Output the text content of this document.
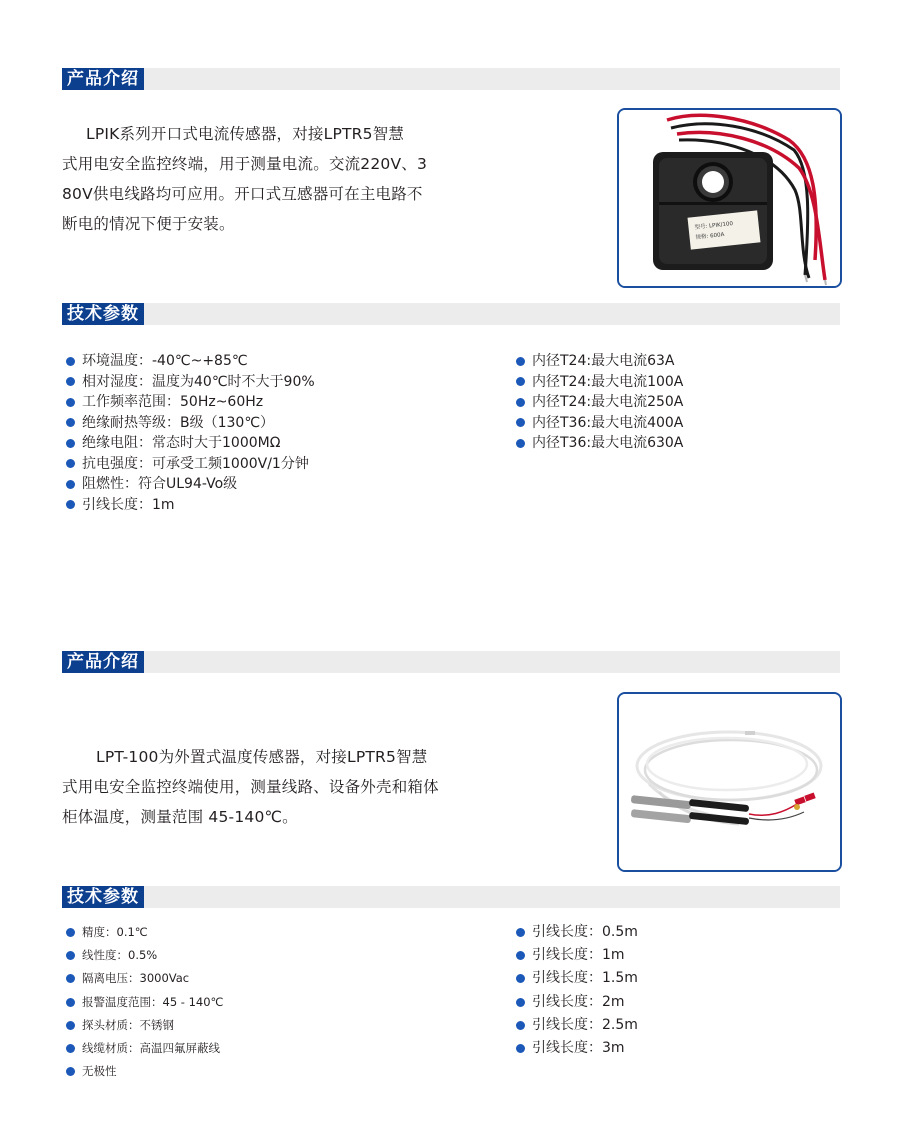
产品介绍
LPIK系列开口式电流传感器，对接LPTR5智慧
式用电安全监控终端，用于测量电流。交流220V、3
80V供电线路均可应用。开口式互感器可在主电路不
断电的情况下便于安装。	型号: LPIK/100
规格: 600A
技术参数
环境温度：-40℃~+85℃
相对湿度：温度为40℃时不大于90%
工作频率范围：50Hz~60Hz
绝缘耐热等级：B级（130℃）
绝缘电阻：常态时大于1000MΩ
抗电强度：可承受工频1000V/1分钟
阻燃性：符合UL94-Vo级
引线长度：1m
内径T24:最大电流63A
内径T24:最大电流100A
内径T24:最大电流250A
内径T36:最大电流400A
内径T36:最大电流630A
产品介绍
LPT-100为外置式温度传感器，对接LPTR5智慧
式用电安全监控终端使用，测量线路、设备外壳和箱体
柜体温度，测量范围 45-140℃。
技术参数
精度：0.1℃
线性度：0.5%
隔离电压：3000Vac
报警温度范围：45 - 140℃
探头材质：不锈钢
线缆材质：高温四氟屏蔽线
无极性
引线长度：0.5m
引线长度：1m
引线长度：1.5m
引线长度：2m
引线长度：2.5m
引线长度：3m
